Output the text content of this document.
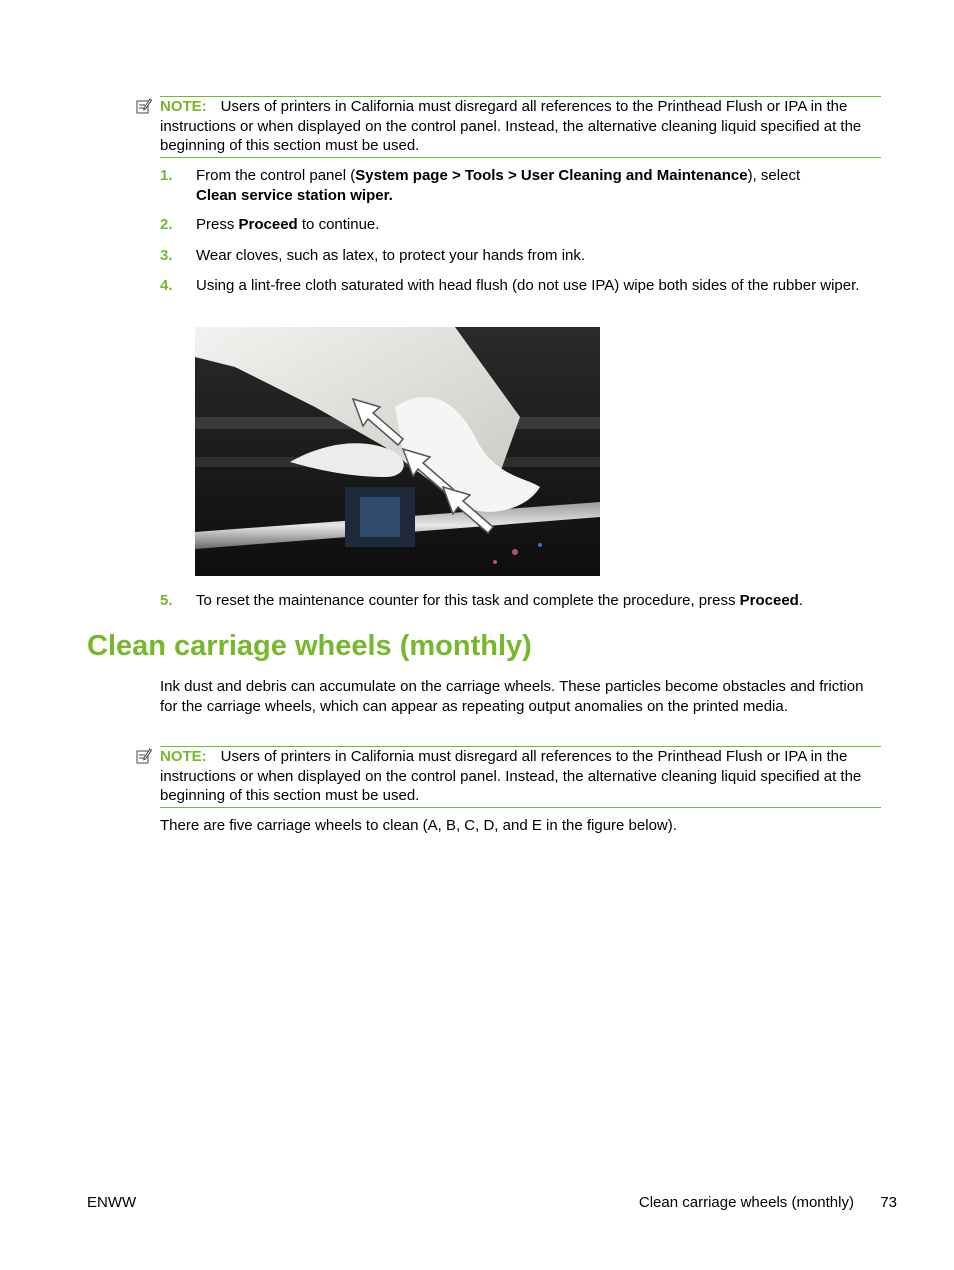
NOTE: Users of printers in California must disregard all references to the Printhead Flush or IPA in the instructions or when displayed on the control panel. Instead, the alternative cleaning liquid specified at the beginning of this section must be used.
1. From the control panel (System page > Tools > User Cleaning and Maintenance), select
Clean service station wiper.
2. Press Proceed to continue.
3. Wear cloves, such as latex, to protect your hands from ink.
4. Using a lint-free cloth saturated with head flush (do not use IPA) wipe both sides of the rubber wiper.
5. To reset the maintenance counter for this task and complete the procedure, press Proceed.
Clean carriage wheels (monthly)
Ink dust and debris can accumulate on the carriage wheels. These particles become obstacles and friction for the carriage wheels, which can appear as repeating output anomalies on the printed media.
NOTE: Users of printers in California must disregard all references to the Printhead Flush or IPA in the instructions or when displayed on the control panel. Instead, the alternative cleaning liquid specified at the beginning of this section must be used.
There are five carriage wheels to clean (A, B, C, D, and E in the figure below).
ENWW	Clean carriage wheels (monthly) 73
